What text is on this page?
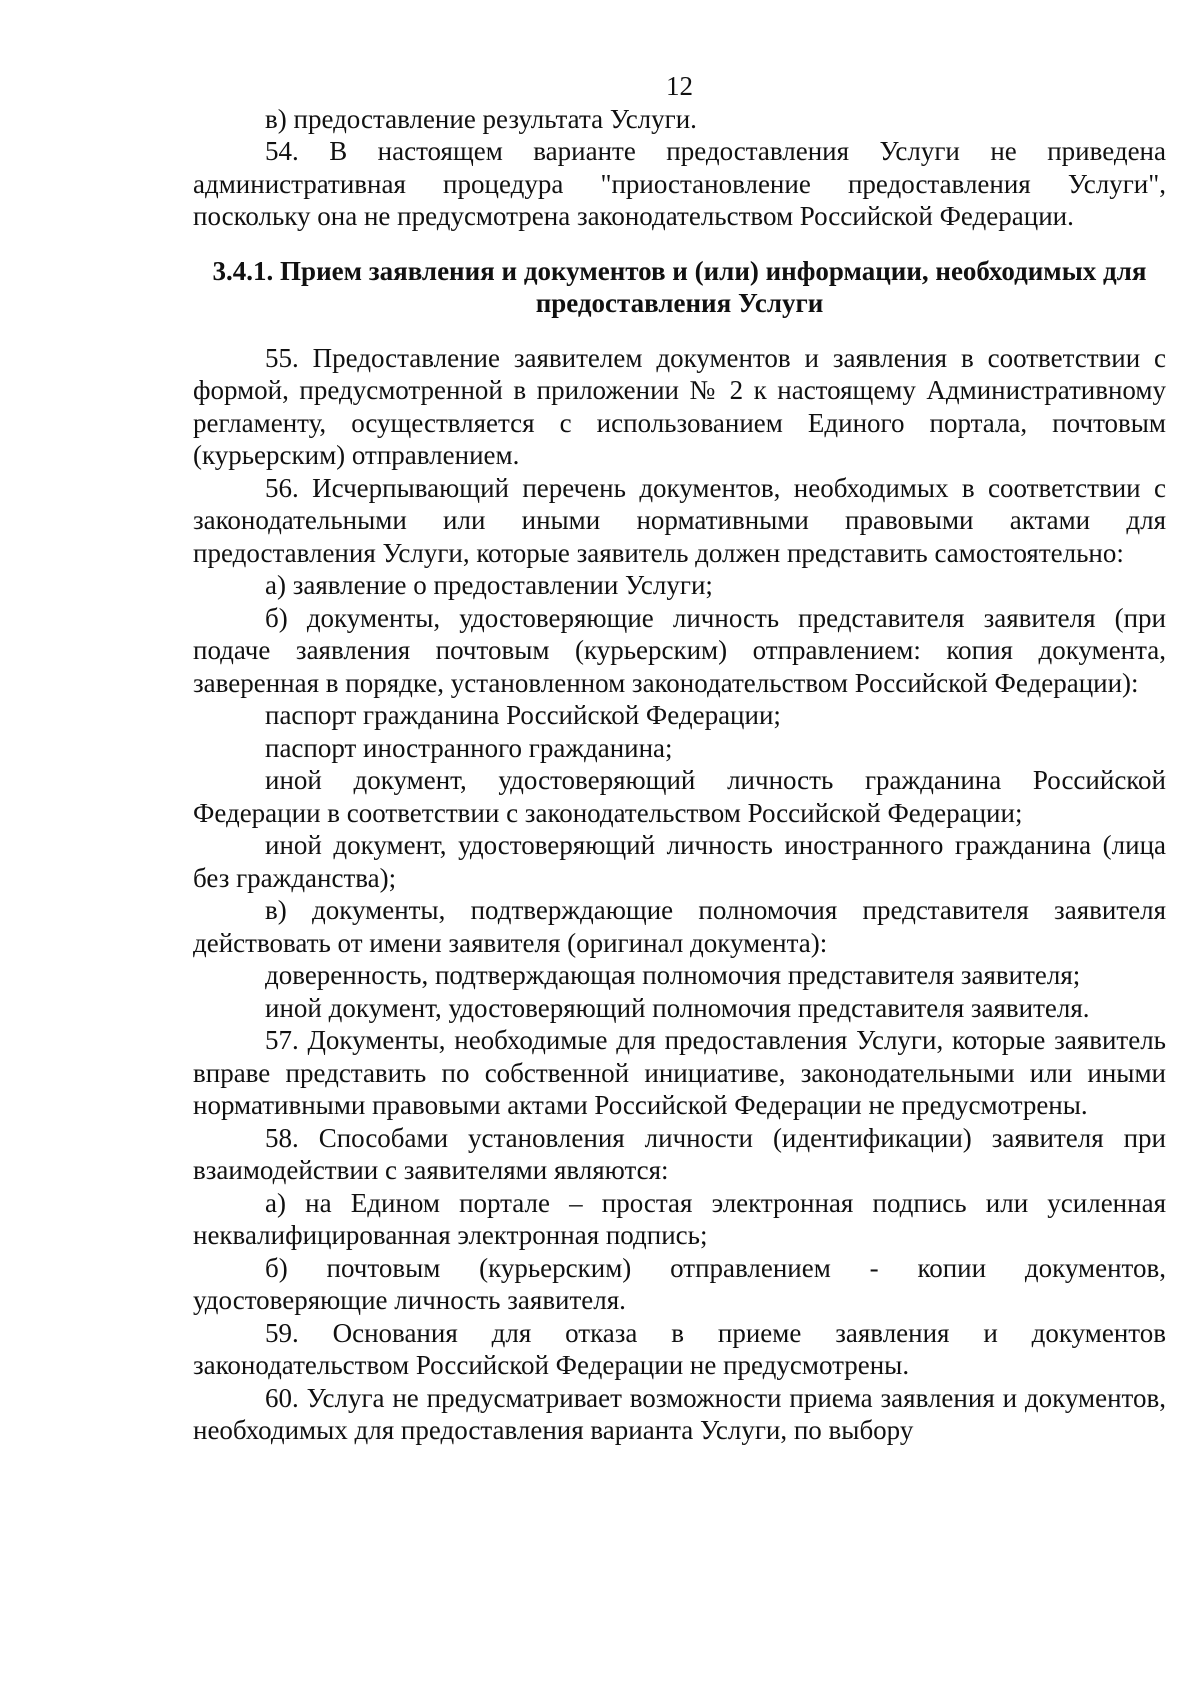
12

в) предоставление результата Услуги.

54. В настоящем варианте предоставления Услуги не приведена административная процедура "приостановление предоставления Услуги", поскольку она не предусмотрена законодательством Российской Федерации.

3.4.1. Прием заявления и документов и (или) информации, необходимых для предоставления Услуги

55. Предоставление заявителем документов и заявления в соответствии с формой, предусмотренной в приложении № 2 к настоящему Административному регламенту, осуществляется с использованием Единого портала, почтовым (курьерским) отправлением.

56. Исчерпывающий перечень документов, необходимых в соответствии с законодательными или иными нормативными правовыми актами для предоставления Услуги, которые заявитель должен представить самостоятельно:

а) заявление о предоставлении Услуги;

б) документы, удостоверяющие личность представителя заявителя (при подаче заявления почтовым (курьерским) отправлением: копия документа, заверенная в порядке, установленном законодательством Российской Федерации):

паспорт гражданина Российской Федерации;

паспорт иностранного гражданина;

иной документ, удостоверяющий личность гражданина Российской Федерации в соответствии с законодательством Российской Федерации;

иной документ, удостоверяющий личность иностранного гражданина (лица без гражданства);

в) документы, подтверждающие полномочия представителя заявителя действовать от имени заявителя (оригинал документа):

доверенность, подтверждающая полномочия представителя заявителя;

иной документ, удостоверяющий полномочия представителя заявителя.

57. Документы, необходимые для предоставления Услуги, которые заявитель вправе представить по собственной инициативе, законодательными или иными нормативными правовыми актами Российской Федерации не предусмотрены.

58. Способами установления личности (идентификации) заявителя при взаимодействии с заявителями являются:

а) на Едином портале – простая электронная подпись или усиленная неквалифицированная электронная подпись;

б) почтовым (курьерским) отправлением - копии документов, удостоверяющие личность заявителя.

59. Основания для отказа в приеме заявления и документов законодательством Российской Федерации не предусмотрены.

60. Услуга не предусматривает возможности приема заявления и документов, необходимых для предоставления варианта Услуги, по выбору
